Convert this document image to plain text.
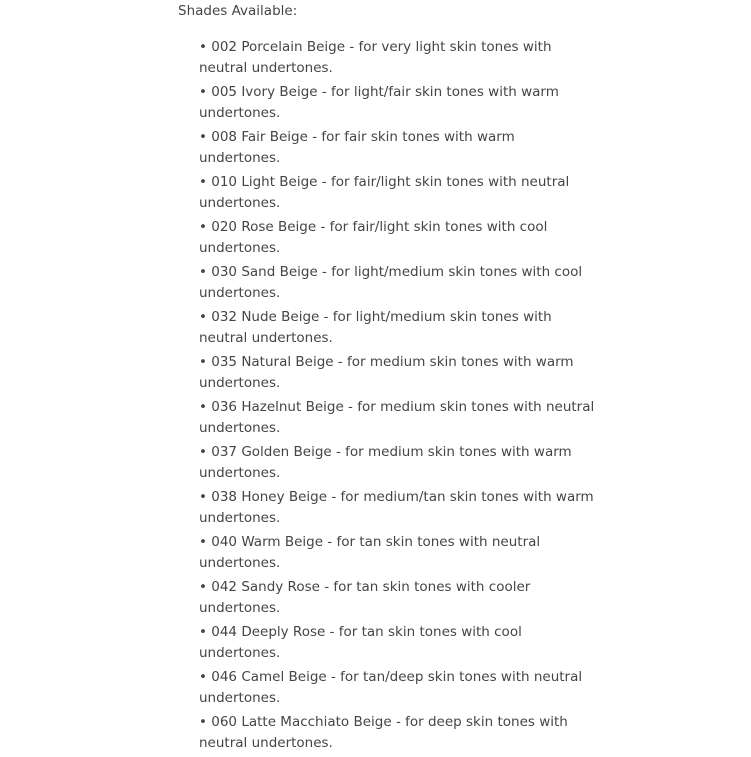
Shades Available:
• 002 Porcelain Beige - for very light skin tones with
neutral undertones.
• 005 Ivory Beige - for light/fair skin tones with warm
undertones.
• 008 Fair Beige - for fair skin tones with warm
undertones.
• 010 Light Beige - for fair/light skin tones with neutral
undertones.
• 020 Rose Beige - for fair/light skin tones with cool
undertones.
• 030 Sand Beige - for light/medium skin tones with cool
undertones.
• 032 Nude Beige - for light/medium skin tones with
neutral undertones.
• 035 Natural Beige - for medium skin tones with warm
undertones.
• 036 Hazelnut Beige - for medium skin tones with neutral
undertones.
• 037 Golden Beige - for medium skin tones with warm
undertones.
• 038 Honey Beige - for medium/tan skin tones with warm
undertones.
• 040 Warm Beige - for tan skin tones with neutral
undertones.
• 042 Sandy Rose - for tan skin tones with cooler
undertones.
• 044 Deeply Rose - for tan skin tones with cool
undertones.
• 046 Camel Beige - for tan/deep skin tones with neutral
undertones.
• 060 Latte Macchiato Beige - for deep skin tones with
neutral undertones.
